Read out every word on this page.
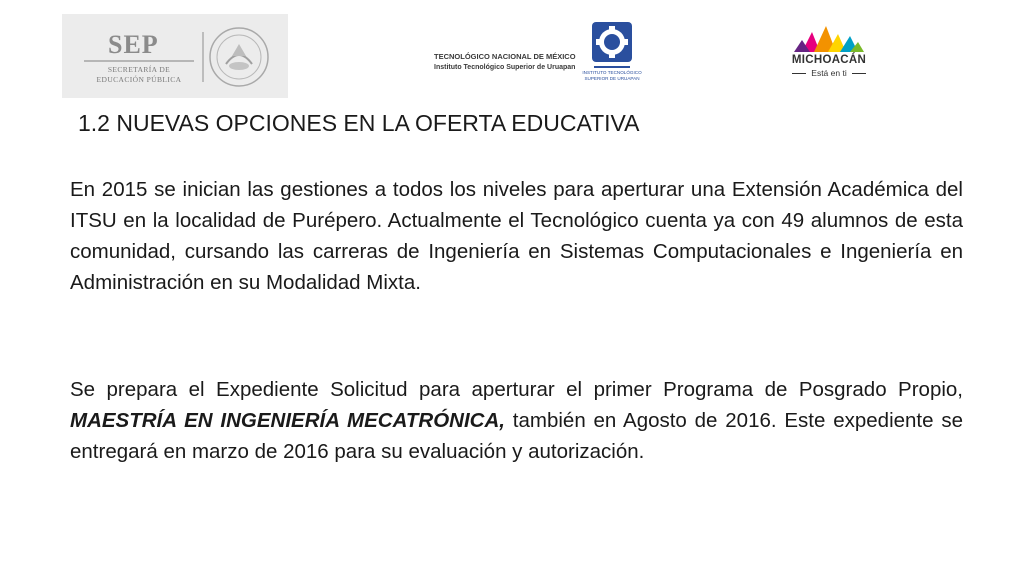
SEP
SECRETARÍA DE
EDUCACIÓN PÚBLICA
TECNOLÓGICO NACIONAL DE MÉXICO
Instituto Tecnológico Superior de Uruapan
INSTITUTO TECNOLÓGICO
SUPERIOR DE URUAPAN
MICHOACÁN
Está en ti
1.2 NUEVAS OPCIONES EN LA OFERTA EDUCATIVA
En 2015 se inician las gestiones a todos los niveles para aperturar una Extensión Académica del ITSU en la localidad de Purépero. Actualmente el Tecnológico cuenta ya con 49 alumnos de esta comunidad, cursando las carreras de Ingeniería en Sistemas Computacionales e Ingeniería en Administración en su Modalidad Mixta.
Se prepara el Expediente Solicitud para aperturar el primer Programa de Posgrado Propio, MAESTRÍA EN INGENIERÍA MECATRÓNICA, también en Agosto de 2016. Este expediente se entregará en marzo de 2016 para su evaluación y autorización.
